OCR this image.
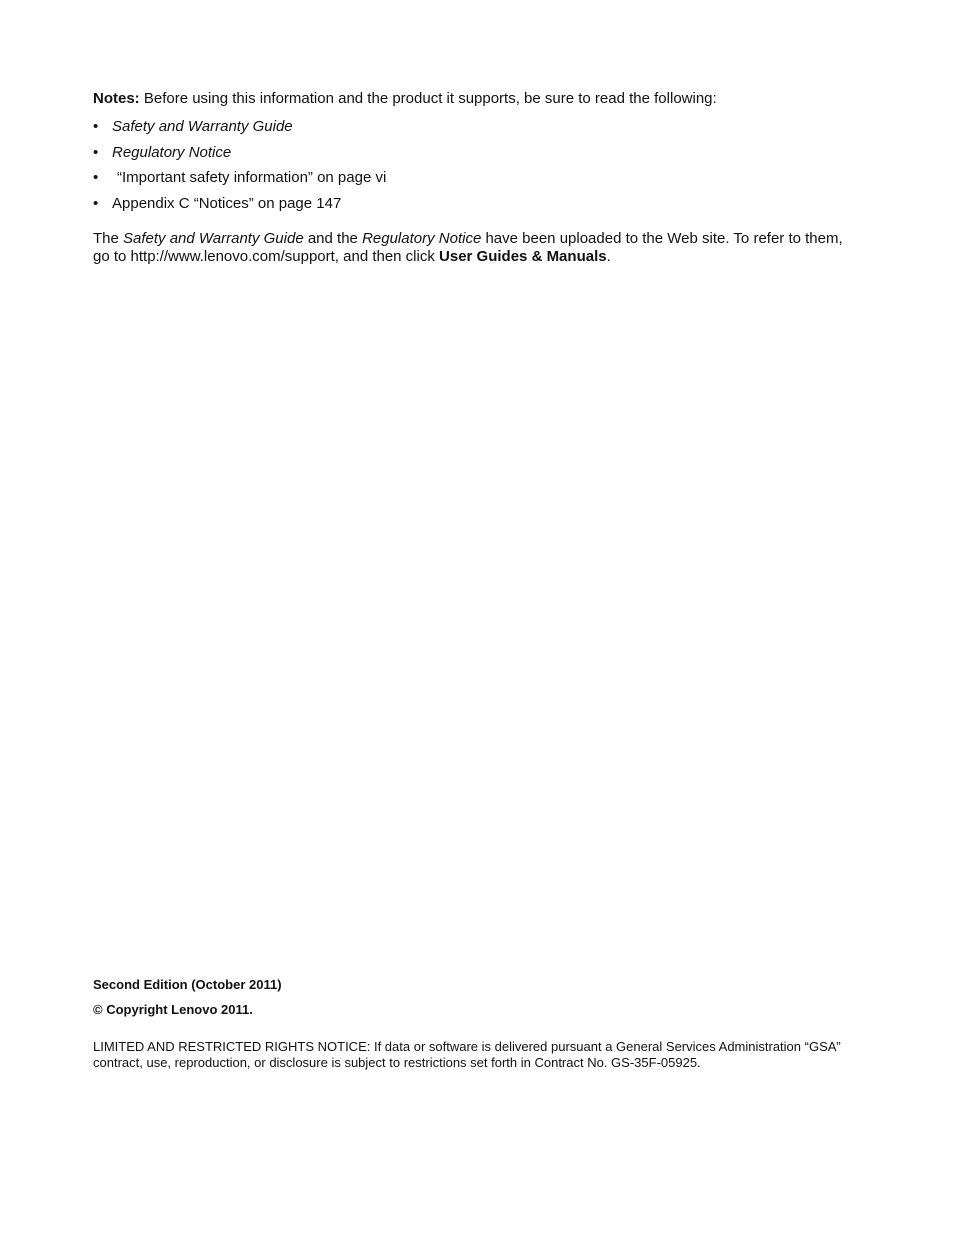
Notes: Before using this information and the product it supports, be sure to read the following:
• Safety and Warranty Guide
• Regulatory Notice
• “Important safety information” on page vi
• Appendix C “Notices” on page 147
The Safety and Warranty Guide and the Regulatory Notice have been uploaded to the Web site. To refer to them, go to http://www.lenovo.com/support, and then click User Guides & Manuals.
Second Edition (October 2011)
© Copyright Lenovo 2011.
LIMITED AND RESTRICTED RIGHTS NOTICE: If data or software is delivered pursuant a General Services Administration “GSA” contract, use, reproduction, or disclosure is subject to restrictions set forth in Contract No. GS-35F-05925.
